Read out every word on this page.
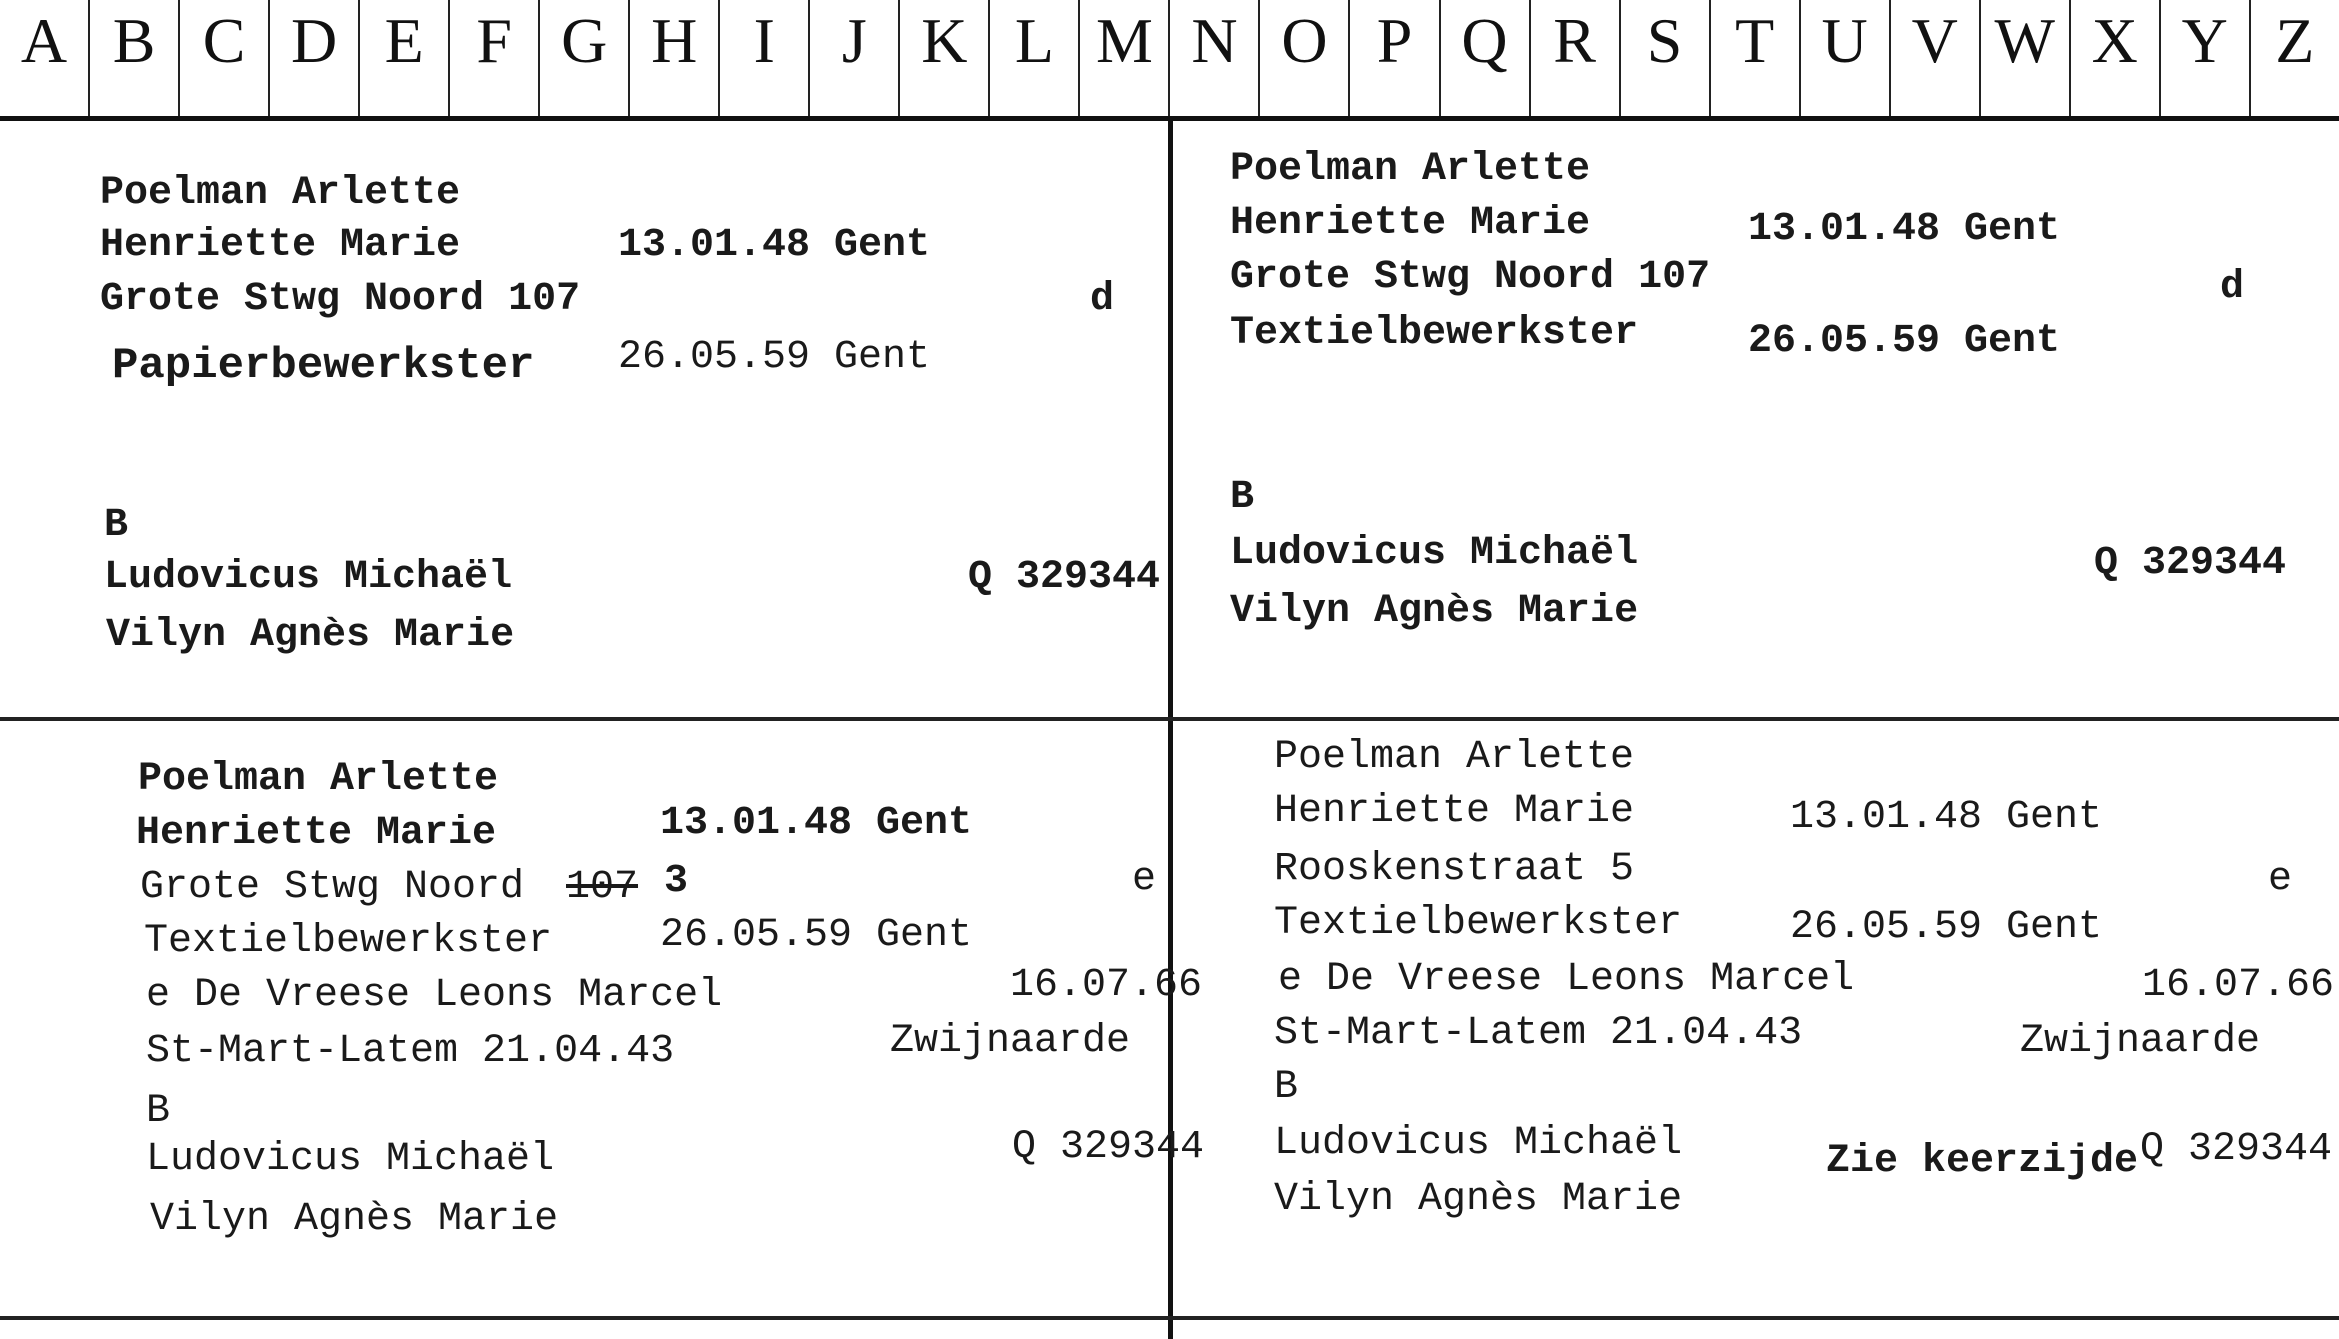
A B C D E F G H I	J K L M N O P Q R S T U V W X Y Z
Poelman Arlette
Henriette Marie	13.01.48 Gent
Grote Stwg Noord 107	d
Papierbewerkster 26.05.59 Gent
B
Ludovicus Michaël	Q 329344
Vilyn Agnès Marie
Poelman Arlette
Henriette Marie	13.01.48 Gent
Grote Stwg Noord 107	d
Textielbewerkster	26.05.59 Gent
B
Ludovicus Michaël	Q 329344
Vilyn Agnès Marie
Poelman Arlette
Henriette Marie	13.01.48 Gent
Grote Stwg Noord 107 3	e
Textielbewerkster	26.05.59 Gent
e De Vreese Leons Marcel	16.07.66
St-Mart-Latem 21.04.43	Zwijnaarde
B
Ludovicus Michaël	Q 329344
Vilyn Agnès Marie
Poelman Arlette
Henriette Marie	13.01.48 Gent
Rooskenstraat 5	e
Textielbewerkster	26.05.59 Gent
e De Vreese Leons Marcel	16.07.66
St-Mart-Latem 21.04.43	Zwijnaarde
B
Ludovicus Michaël	Zie keerzijde Q 329344
Vilyn Agnès Marie
